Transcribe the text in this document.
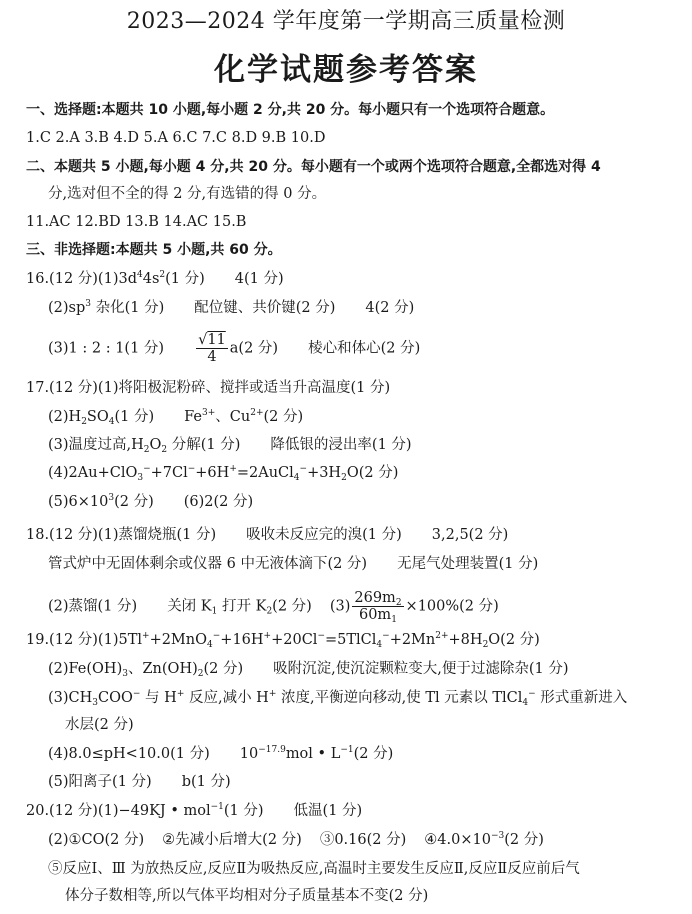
2023—2024 学年度第一学期高三质量检测
化学试题参考答案
一、选择题:本题共 10 小题,每小题 2 分,共 20 分。每小题只有一个选项符合题意。
1.C 2.A 3.B 4.D 5.A 6.C 7.C 8.D 9.B 10.D
二、本题共 5 小题,每小题 4 分,共 20 分。每小题有一个或两个选项符合题意,全都选对得 4
分,选对但不全的得 2 分,有选错的得 0 分。
11.AC 12.BD 13.B 14.AC 15.B
三、非选择题:本题共 5 小题,共 60 分。
16.(12 分)$(1)3d^44s^2(1$ 分) 4(1 分)
$(2)sp^3$ 杂化(1 分) 配位键、共价键(2 分) 4(2 分)
(3)1 : 2 : 1(1 分) $\frac{√11}{4} a(2$ 分) 棱心和体心(2 分)
17.(12 分)(1)将阳极泥粉碎、搅拌或适当升高温度(1 分)
$(2)H_2SO_4(1$ 分) $Fe^{3+}$、$Cu^{2+}(2$ 分)
(3)温度过高$,H_2O_2$ 分解(1 分) 降低银的浸出率(1 分)
$(4)2Au+ClO_3^-+7Cl^-+6H^+=2AuCl_4^-+3H_2O(2$ 分)
$(5)6\times 10^3(2$ 分) (6)2(2 分)
18.(12 分)(1)蒸馏烧瓶(1 分) 吸收未反应完的溴(1 分) 3,2,5(2 分)
管式炉中无固体剩余或仪器 6 中无液体滴下(2 分) 无尾气处理装置(1 分)
(2)蒸馏(1 分) 关闭 $K_1$ 打开 $K_2(2$ 分) $(3) \frac{269m_2}{60m_1} \times 100\%(2$ 分)
19.(12 分)$(1)5Tl^++2MnO_4^-+16H^++20Cl^-=5TlCl_4^-+2Mn^{2+}+8H_2O(2$ 分)
$(2)Fe(OH)_3$、$Zn(OH)_2(2$ 分) 吸附沉淀,使沉淀颗粒变大,便于过滤除杂(1 分)
$(3)CH_3COO^-$ 与 H+ 反应,减小 H+ 浓度,平衡逆向移动,使 Tl 元素以 TlCl$_4$− 形式重新进入
水层(2 分)
(4)8.0≤pH<10.0(1 分) $10^{-17.9}mol$ • $L^{-1}(2$ 分)
(5)阳离子(1 分) b(1 分)
20.(12 分)(1)−49KJ • mol$^{-1}$(1 分) 低温(1 分)
(2)①CO(2 分) ②先减小后增大(2 分) ③0.16(2 分) $④4.0\times 10^{-3}(2$ 分)
⑤反应Ⅰ、Ⅲ 为放热反应,反应Ⅱ为吸热反应,高温时主要发生反应Ⅱ,反应Ⅱ反应前后气
体分子数相等,所以气体平均相对分子质量基本不变(2 分)
